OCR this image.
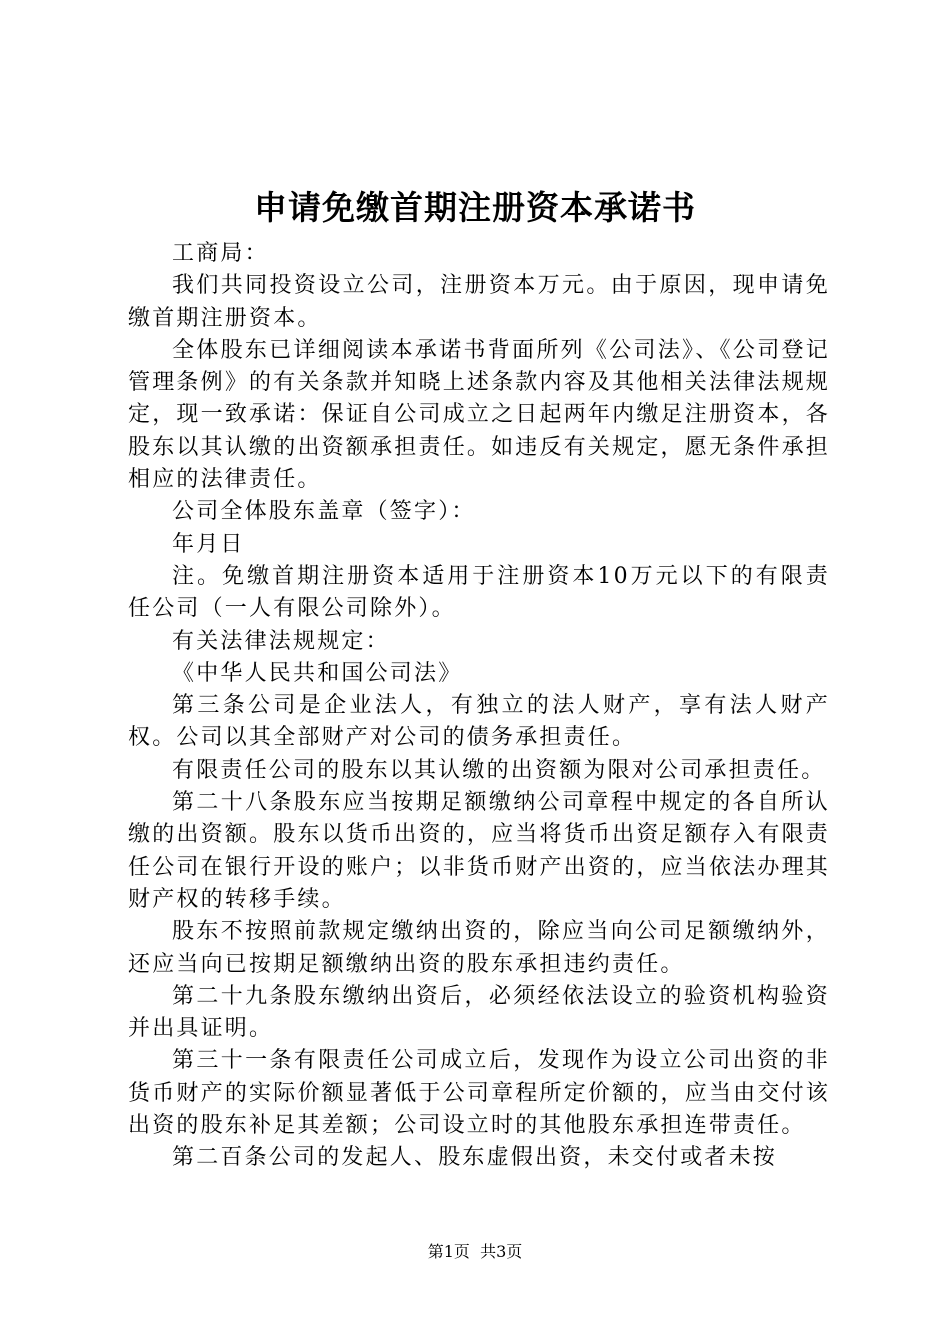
申请免缴首期注册资本承诺书

工商局：

我们共同投资设立公司，注册资本万元。由于原因，现申请免缴首期注册资本。

全体股东已详细阅读本承诺书背面所列《公司法》、《公司登记管理条例》的有关条款并知晓上述条款内容及其他相关法律法规规定，现一致承诺：保证自公司成立之日起两年内缴足注册资本，各股东以其认缴的出资额承担责任。如违反有关规定，愿无条件承担相应的法律责任。

公司全体股东盖章（签字）：

年月日

注。免缴首期注册资本适用于注册资本10万元以下的有限责任公司（一人有限公司除外）。

有关法律法规规定：

《中华人民共和国公司法》

第三条公司是企业法人，有独立的法人财产，享有法人财产权。公司以其全部财产对公司的债务承担责任。

有限责任公司的股东以其认缴的出资额为限对公司承担责任。

第二十八条股东应当按期足额缴纳公司章程中规定的各自所认缴的出资额。股东以货币出资的，应当将货币出资足额存入有限责任公司在银行开设的账户；以非货币财产出资的，应当依法办理其财产权的转移手续。

股东不按照前款规定缴纳出资的，除应当向公司足额缴纳外，还应当向已按期足额缴纳出资的股东承担违约责任。

第二十九条股东缴纳出资后，必须经依法设立的验资机构验资并出具证明。

第三十一条有限责任公司成立后，发现作为设立公司出资的非货币财产的实际价额显著低于公司章程所定价额的，应当由交付该出资的股东补足其差额；公司设立时的其他股东承担连带责任。

第二百条公司的发起人、股东虚假出资，未交付或者未按

第1页 共3页
